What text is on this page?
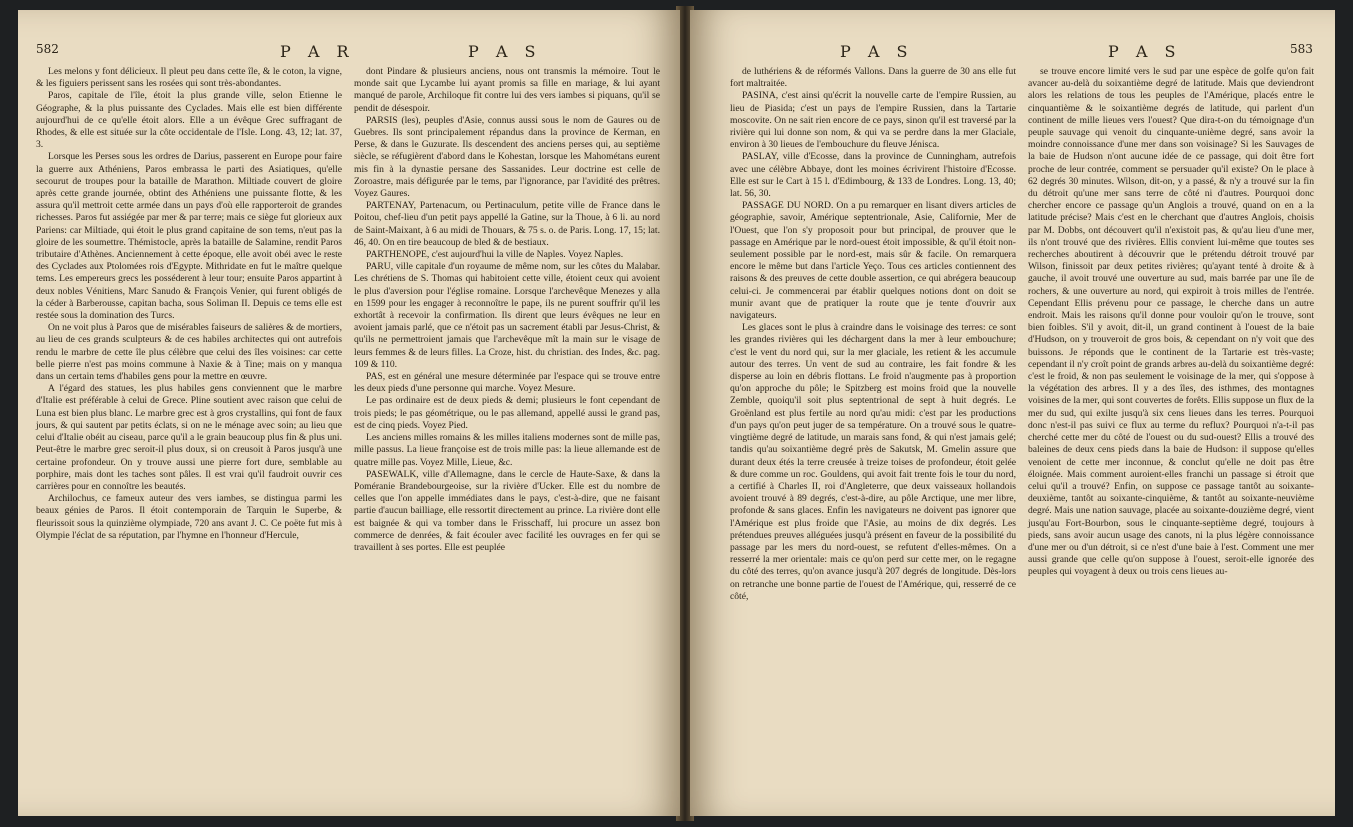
582	P A R	P A S

Les melons y font délicieux. Il pleut peu dans cette île, & le coton, la vigne, & les figuiers perissent sans les rosées qui sont très-abondantes.

Paros, capitale de l'île, étoit la plus grande ville, selon Etienne le Géographe, & la plus puissante des Cyclades. Mais elle est bien différente aujourd'hui de ce qu'elle étoit alors. Elle a un évêque Grec suffragant de Rhodes, & elle est située sur la côte occidentale de l'Isle. Long. 43, 12; lat. 37, 3.

Lorsque les Perses sous les ordres de Darius, passerent en Europe pour faire la guerre aux Athéniens, Paros embrassa le parti des Asiatiques, qu'elle secourut de troupes pour la bataille de Marathon. Miltiade couvert de gloire après cette grande journée, obtint des Athéniens une puissante flotte, & les assura qu'il mettroit cette armée dans un pays d'où elle rapporteroit de grandes richesses. Paros fut assiégée par mer & par terre; mais ce siège fut glorieux aux Pariens: car Miltiade, qui étoit le plus grand capitaine de son tems, n'eut pas la gloire de les soumettre. Thémistocle, après la bataille de Salamine, rendit Paros tributaire d'Athènes. Anciennement à cette époque, elle avoit obéi avec le reste des Cyclades aux Ptolomées rois d'Egypte. Mithridate en fut le maître quelque tems. Les empereurs grecs les posséderent à leur tour; ensuite Paros appartint à deux nobles Vénitiens, Marc Sanudo & François Venier, qui furent obligés de la céder à Barberousse, capitan bacha, sous Soliman II. Depuis ce tems elle est restée sous la domination des Turcs.

On ne voit plus à Paros que de misérables faiseurs de salières & de mortiers, au lieu de ces grands sculpteurs & de ces habiles architectes qui ont autrefois rendu le marbre de cette île plus célèbre que celui des îles voisines: car cette belle pierre n'est pas moins commune à Naxie & à Tine; mais on y manqua dans un certain tems d'habiles gens pour la mettre en œuvre.

A l'égard des statues, les plus habiles gens conviennent que le marbre d'Italie est préférable à celui de Grece. Pline soutient avec raison que celui de Luna est bien plus blanc. Le marbre grec est à gros crystallins, qui font de faux jours, & qui sautent par petits éclats, si on ne le ménage avec soin; au lieu que celui d'Italie obéit au ciseau, parce qu'il a le grain beaucoup plus fin & plus uni. Peut-être le marbre grec seroit-il plus doux, si on creusoit à Paros jusqu'à une certaine profondeur. On y trouve aussi une pierre fort dure, semblable au porphire, mais dont les taches sont pâles. Il est vrai qu'il faudroit ouvrir ces carrières pour en connoître les beautés.

Archilochus, ce fameux auteur des vers iambes, se distingua parmi les beaux génies de Paros. Il étoit contemporain de Tarquin le Superbe, & fleurissoit sous la quinzième olympiade, 720 ans avant J. C. Ce poëte fut mis à Olympie l'éclat de sa réputation, par l'hymne en l'honneur d'Hercule,

dont Pindare & plusieurs anciens, nous ont transmis la mémoire. Tout le monde sait que Lycambe lui ayant promis sa fille en mariage, & lui ayant manqué de parole, Archiloque fit contre lui des vers iambes si piquans, qu'il se pendit de désespoir.

PARSIS (les), peuples d'Asie, connus aussi sous le nom de Gaures ou de Guebres. Ils sont principalement répandus dans la province de Kerman, en Perse, & dans le Guzurate. Ils descendent des anciens perses qui, au septième siècle, se réfugièrent d'abord dans le Kohestan, lorsque les Mahométans eurent mis fin à la dynastie persane des Sassanides. Leur doctrine est celle de Zoroastre, mais défigurée par le tems, par l'ignorance, par l'avidité des prêtres. Voyez Gaures.

PARTENAY, Partenacum, ou Pertinaculum, petite ville de France dans le Poitou, chef-lieu d'un petit pays appellé la Gatine, sur la Thoue, à 6 li. au nord de Saint-Maixant, à 6 au midi de Thouars, & 75 s. o. de Paris. Long. 17, 15; lat. 46, 40. On en tire beaucoup de bled & de bestiaux.

PARTHENOPE, c'est aujourd'hui la ville de Naples. Voyez Naples.

PARU, ville capitale d'un royaume de même nom, sur les côtes du Malabar. Les chrétiens de S. Thomas qui habitoient cette ville, étoient ceux qui avoient le plus d'aversion pour l'église romaine. Lorsque l'archevêque Menezes y alla en 1599 pour les engager à reconnoître le pape, ils ne purent souffrir qu'il les exhortât à recevoir la confirmation. Ils dirent que leurs évêques ne leur en avoient jamais parlé, que ce n'étoit pas un sacrement établi par Jesus-Christ, & qu'ils ne permettroient jamais que l'archevêque mît la main sur le visage de leurs femmes & de leurs filles. La Croze, hist. du christian. des Indes, &c. pag. 109 & 110.

PAS, est en général une mesure déterminée par l'espace qui se trouve entre les deux pieds d'une personne qui marche. Voyez Mesure.

Le pas ordinaire est de deux pieds & demi; plusieurs le font cependant de trois pieds; le pas géométrique, ou le pas allemand, appellé aussi le grand pas, est de cinq pieds. Voyez Pied.

Les anciens milles romains & les milles italiens modernes sont de mille pas, mille passus. La lieue françoise est de trois mille pas: la lieue allemande est de quatre mille pas. Voyez Mille, Lieue, &c.

PASEWALK, ville d'Allemagne, dans le cercle de Haute-Saxe, & dans la Poméranie Brandebourgeoise, sur la rivière d'Ucker. Elle est du nombre de celles que l'on appelle immédiates dans le pays, c'est-à-dire, que ne faisant partie d'aucun bailliage, elle ressortit directement au prince. La rivière dont elle est baignée & qui va tomber dans le Frisschaff, lui procure un assez bon commerce de denrées, & fait écouler avec facilité les ouvrages en fer qui se travaillent à ses portes. Elle est peuplée

P A S	P A S	583

de luthériens & de réformés Vallons. Dans la guerre de 30 ans elle fut fort maltraitée.

PASINA, c'est ainsi qu'écrit la nouvelle carte de l'empire Russien, au lieu de Piasida; c'est un pays de l'empire Russien, dans la Tartarie moscovite. On ne sait rien encore de ce pays, sinon qu'il est traversé par la rivière qui lui donne son nom, & qui va se perdre dans la mer Glaciale, environ à 30 lieues de l'embouchure du fleuve Jénisca.

PASLAY, ville d'Ecosse, dans la province de Cunningham, autrefois avec une célèbre Abbaye, dont les moines écrivirent l'histoire d'Ecosse. Elle est sur le Cart à 15 l. d'Edimbourg, & 133 de Londres. Long. 13, 40; lat. 56, 30.

PASSAGE DU NORD. On a pu remarquer en lisant divers articles de géographie, savoir, Amérique septentrionale, Asie, Californie, Mer de l'Ouest, que l'on s'y proposoit pour but principal, de prouver que le passage en Amérique par le nord-ouest étoit impossible, & qu'il étoit non-seulement possible par le nord-est, mais sûr & facile. On remarquera encore le même but dans l'article Yeço. Tous ces articles contiennent des raisons & des preuves de cette double assertion, ce qui abrégera beaucoup celui-ci. Je commencerai par établir quelques notions dont on doit se munir avant que de pratiquer la route que je tente d'ouvrir aux navigateurs.

Les glaces sont le plus à craindre dans le voisinage des terres: ce sont les grandes rivières qui les déchargent dans la mer à leur embouchure; c'est le vent du nord qui, sur la mer glaciale, les retient & les accumule autour des terres. Un vent de sud au contraire, les fait fondre & les disperse au loin en débris flottans. Le froid n'augmente pas à proportion qu'on approche du pôle; le Spitzberg est moins froid que la nouvelle Zemble, quoiqu'il soit plus septentrional de sept à huit degrés. Le Groënland est plus fertile au nord qu'au midi: c'est par les productions d'un pays qu'on peut juger de sa température. On a trouvé sous le quatre-vingtième degré de latitude, un marais sans fond, & qui n'est jamais gelé; tandis qu'au soixantième degré près de Sakutsk, M. Gmelin assure que durant deux étés la terre creusée à treize toises de profondeur, étoit gelée & dure comme un roc. Gouldens, qui avoit fait trente fois le tour du nord, a certifié à Charles II, roi d'Angleterre, que deux vaisseaux hollandois avoient trouvé à 89 degrés, c'est-à-dire, au pôle Arctique, une mer libre, profonde & sans glaces. Enfin les navigateurs ne doivent pas ignorer que l'Amérique est plus froide que l'Asie, au moins de dix degrés. Les prétendues preuves alléguées jusqu'à présent en faveur de la possibilité du passage par les mers du nord-ouest, se refutent d'elles-mêmes. On a resserré la mer orientale: mais ce qu'on perd sur cette mer, on le regagne du côté des terres, qu'on avance jusqu'à 207 degrés de longitude. Dès-lors on retranche une bonne partie de l'ouest de l'Amérique, qui, resserré de ce côté,

se trouve encore limité vers le sud par une espèce de golfe qu'on fait avancer au-delà du soixantième degré de latitude. Mais que deviendront alors les relations de tous les peuples de l'Amérique, placés entre le cinquantième & le soixantième degrés de latitude, qui parlent d'un continent de mille lieues vers l'ouest? Que dira-t-on du témoignage d'un peuple sauvage qui venoit du cinquante-unième degré, sans avoir la moindre connoissance d'une mer dans son voisinage? Si les Sauvages de la baie de Hudson n'ont aucune idée de ce passage, qui doit être fort proche de leur contrée, comment se persuader qu'il existe? On le place à 62 degrés 30 minutes. Wilson, dit-on, y a passé, & n'y a trouvé sur la fin du détroit qu'une mer sans terre de côté ni d'autres. Pourquoi donc chercher encore ce passage qu'un Anglois a trouvé, quand on en a la latitude précise? Mais c'est en le cherchant que d'autres Anglois, choisis par M. Dobbs, ont découvert qu'il n'existoit pas, & qu'au lieu d'une mer, ils n'ont trouvé que des rivières. Ellis convient lui-même que toutes ses recherches aboutirent à découvrir que le prétendu détroit trouvé par Wilson, finissoit par deux petites rivières; qu'ayant tenté à droite & à gauche, il avoit trouvé une ouverture au sud, mais barrée par une île de rochers, & une ouverture au nord, qui expiroit à trois milles de l'entrée. Cependant Ellis prévenu pour ce passage, le cherche dans un autre endroit. Mais les raisons qu'il donne pour vouloir qu'on le trouve, sont bien foibles. S'il y avoit, dit-il, un grand continent à l'ouest de la baie d'Hudson, on y trouveroit de gros bois, & cependant on n'y voit que des buissons. Je réponds que le continent de la Tartarie est très-vaste; cependant il n'y croît point de grands arbres au-delà du soixantième degré: c'est le froid, & non pas seulement le voisinage de la mer, qui s'oppose à la végétation des arbres. Il y a des îles, des isthmes, des montagnes voisines de la mer, qui sont couvertes de forêts. Ellis suppose un flux de la mer du sud, qui exilte jusqu'à six cens lieues dans les terres. Pourquoi donc n'est-il pas suivi ce flux au terme du reflux? Pourquoi n'a-t-il pas cherché cette mer du côté de l'ouest ou du sud-ouest? Ellis a trouvé des baleines de deux cens pieds dans la baie de Hudson: il suppose qu'elles venoient de cette mer inconnue, & conclut qu'elle ne doit pas être éloignée. Mais comment auroient-elles franchi un passage si étroit que celui qu'il a trouvé? Enfin, on suppose ce passage tantôt au soixante-deuxième, tantôt au soixante-cinquième, & tantôt au soixante-neuvième degré. Mais une nation sauvage, placée au soixante-douzième degré, vient jusqu'au Fort-Bourbon, sous le cinquante-septième degré, toujours à pieds, sans avoir aucun usage des canots, ni la plus légère connoissance d'une mer ou d'un détroit, si ce n'est d'une baie à l'est. Comment une mer aussi grande que celle qu'on suppose à l'ouest, seroit-elle ignorée des peuples qui voyagent à deux ou trois cens lieues au-
